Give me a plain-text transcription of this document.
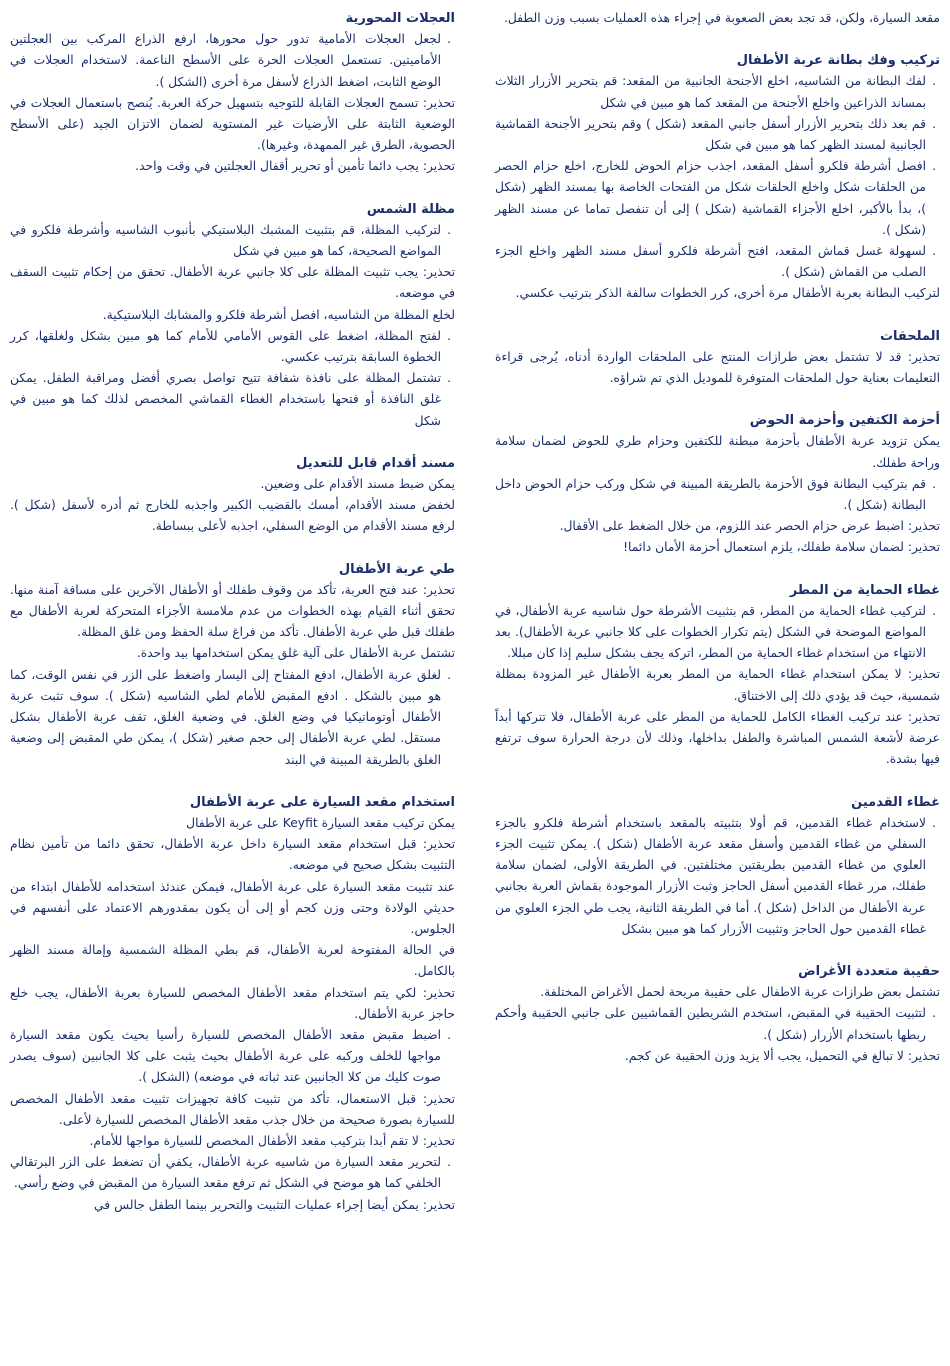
مقعد السيارة، ولكن، قد تجد بعض الصعوبة في إجراء هذه العمليات بسبب وزن الطفل.
تركيب وفك بطانة عربة الأطفال
. لفك البطانة من الشاسيه، اخلع الأجنحة الجانبية من المقعد: قم بتحرير الأزرار الثلاث بمساند الذراعين واخلع الأجنحة من المقعد كما هو مبين في شكل
. قم بعد ذلك بتحرير الأزرار أسفل جانبي المقعد (شكل ) وقم بتحرير الأجنحة القماشية الجانبية لمسند الظهر كما هو مبين في شكل
. افصل أشرطة فلكرو أسفل المقعد، اجذب حزام الحوض للخارج، اخلع حزام الحصر من الحلقات شكل واخلع الحلقات شكل من الفتحات الخاصة بها بمسند الظهر (شكل )، بدأ بالأكبر، اخلع الأجزاء القماشية (شكل ) إلى أن تنفصل تماما عن مسند الظهر (شكل ).
. لسهولة غسل قماش المقعد، افتح أشرطة فلكرو أسفل مسند الظهر واخلع الجزء الصلب من القماش (شكل ).
لتركيب البطانة بعربة الأطفال مرة أخرى، كرر الخطوات سالفة الذكر بترتيب عكسي.
الملحقات
تحذير: قد لا تشتمل بعض طرازات المنتج على الملحقات الواردة أدناه، يُرجى قراءة التعليمات بعناية حول الملحقات المتوفرة للموديل الذي تم شراؤه.
أحزمة الكتفين وأحزمة الحوض
يمكن تزويد عربة الأطفال بأحزمة مبطنة للكتفين وحزام طري للحوض لضمان سلامة وراحة طفلك.
. قم بتركيب البطانة فوق الأحزمة بالطريقة المبينة في شكل وركب حزام الحوض داخل البطانة (شكل ).
تحذير: اضبط عرض حزام الحصر عند اللزوم، من خلال الضغط على الأقفال.
تحذير: لضمان سلامة طفلك، يلزم استعمال أحزمة الأمان دائما!
غطاء الحماية من المطر
. لتركيب غطاء الحماية من المطر، قم بتثبيت الأشرطة حول شاسيه عربة الأطفال، في المواضع الموضحة في الشكل (يتم تكرار الخطوات على كلا جانبي عربة الأطفال). بعد الانتهاء من استخدام غطاء الحماية من المطر، اتركه يجف بشكل سليم إذا كان مبللا.
تحذير: لا يمكن استخدام غطاء الحماية من المطر بعربة الأطفال غير المزودة بمظلة شمسية، حيث قد يؤدي ذلك إلى الاختناق.
تحذير: عند تركيب الغطاء الكامل للحماية من المطر على عربة الأطفال، فلا تتركها أبداً عرضة لأشعة الشمس المباشرة والطفل بداخلها، وذلك لأن درجة الحرارة سوف ترتفع فيها بشدة.
غطاء القدمين
. لاستخدام غطاء القدمين، قم أولا بتثبيته بالمقعد باستخدام أشرطة فلكرو بالجزء السفلي من غطاء القدمين وأسفل مقعد عربة الأطفال (شكل ). يمكن تثبيت الجزء العلوي من غطاء القدمين بطريقتين مختلفتين. في الطريقة الأولى، لضمان سلامة طفلك، مرر غطاء القدمين أسفل الحاجز وثبت الأزرار الموجودة بقماش العربة بجانبي عربة الأطفال من الداخل (شكل ). أما في الطريقة الثانية، يجب طي الجزء العلوي من غطاء القدمين حول الحاجز وتثبيت الأزرار كما هو مبين بشكل
حقيبة متعددة الأغراض
تشتمل بعض طرازات عربة الاطفال على حقيبة مريحة لحمل الأغراض المختلفة.
. لتثبيت الحقيبة في المقبض، استخدم الشريطين القماشيين على جانبي الحقيبة وأحكم ربطها باستخدام الأزرار (شكل ).
تحذير: لا تبالغ في التحميل، يجب ألا يزيد وزن الحقيبة عن كجم.
العجلات المحورية
. لجعل العجلات الأمامية تدور حول محورها، ارفع الذراع المركب بين العجلتين الأماميتين. تستعمل العجلات الحرة على الأسطح الناعمة. لاستخدام العجلات في الوضع الثابت، اضغط الذراع لأسفل مرة أخرى (الشكل ).
تحذير: تسمح العجلات القابلة للتوجيه بتسهيل حركة العربة. يُنصح باستعمال العجلات في الوضعية الثابتة على الأرضيات غير المستوية لضمان الاتزان الجيد (على الأسطح الحصوية، الطرق غير الممهدة، وغيرها).
تحذير: يجب دائما تأمين أو تحرير أقفال العجلتين في وقت واحد.
مظلة الشمس
. لتركيب المظلة، قم بتثبيت المشبك البلاستيكي بأنبوب الشاسيه وأشرطة فلكرو في المواضع الصحيحة، كما هو مبين في شكل
تحذير: يجب تثبيت المظلة على كلا جانبي عربة الأطفال. تحقق من إحكام تثبيت السقف في موضعه.
لخلع المظلة من الشاسيه، افصل أشرطة فلكرو والمشابك البلاستيكية.
. لفتح المظلة، اضغط على القوس الأمامي للأمام كما هو مبين بشكل ولغلقها، كرر الخطوة السابقة بترتيب عكسي.
. تشتمل المظلة على نافذة شفافة تتيح تواصل بصري أفضل ومراقبة الطفل. يمكن غلق النافذة أو فتحها باستخدام الغطاء القماشي المخصص لذلك كما هو مبين في شكل
مسند أقدام قابل للتعديل
يمكن ضبط مسند الأقدام على وضعين.
لخفض مسند الأقدام، أمسك بالقضيب الكبير واجذبه للخارج ثم أدره لأسفل (شكل ). لرفع مسند الأقدام من الوضع السفلي، اجذبه لأعلى ببساطة.
طي عربة الأطفال
تحذير: عند فتح العربة، تأكد من وقوف طفلك أو الأطفال الآخرين على مسافة آمنة منها. تحقق أثناء القيام بهذه الخطوات من عدم ملامسة الأجزاء المتحركة لعربة الأطفال مع طفلك قبل طي عربة الأطفال. تأكد من فراغ سلة الحفظ ومن غلق المظلة.
تشتمل عربة الأطفال على آلية غلق يمكن استخدامها بيد واحدة.
. لغلق عربة الأطفال، ادفع المفتاح إلى اليسار واضغط على الزر في نفس الوقت، كما هو مبين بالشكل . ادفع المقبض للأمام لطي الشاسيه (شكل ). سوف تثبت عربة الأطفال أوتوماتيكيا في وضع الغلق. في وضعية الغلق، تقف عربة الأطفال بشكل مستقل. لطي عربة الأطفال إلى حجم صغير (شكل )، يمكن طي المقبض إلى وضعية الغلق بالطريقة المبينة في البند
استخدام مقعد السيارة على عربة الأطفال
يمكن تركيب مقعد السيارة Keyfit على عربة الأطفال
تحذير: قبل استخدام مقعد السيارة داخل عربة الأطفال، تحقق دائما من تأمين نظام التثبيت بشكل صحيح في موضعه.
عند تثبيت مقعد السيارة على عربة الأطفال، فيمكن عندئذ استخدامه للأطفال ابتداء من حديثي الولادة وحتى وزن كجم أو إلى أن يكون بمقدورهم الاعتماد على أنفسهم في الجلوس.
في الحالة المفتوحة لعربة الأطفال، قم بطي المظلة الشمسية وإمالة مسند الظهر بالكامل.
تحذير: لكي يتم استخدام مقعد الأطفال المخصص للسيارة بعربة الأطفال، يجب خلع حاجز عربة الأطفال.
. اضبط مقبض مقعد الأطفال المخصص للسيارة رأسيا بحيث يكون مقعد السيارة مواجها للخلف وركبه على عربة الأطفال بحيث يثبت على كلا الجانبين (سوف يصدر صوت كليك من كلا الجانبين عند ثباته في موضعه) (الشكل ).
تحذير: قبل الاستعمال، تأكد من تثبيت كافة تجهيزات تثبيت مقعد الأطفال المخصص للسيارة بصورة صحيحة من خلال جذب مقعد الأطفال المخصص للسيارة لأعلى.
تحذير: لا تقم أبدا بتركيب مقعد الأطفال المخصص للسيارة مواجها للأمام.
. لتحرير مقعد السيارة من شاسيه عربة الأطفال، يكفي أن تضغط على الزر البرتقالي الخلفي كما هو موضح في الشكل ثم ترفع مقعد السيارة من المقبض في وضع رأسي.
تحذير: يمكن أيضا إجراء عمليات التثبيت والتحرير بينما الطفل جالس في
